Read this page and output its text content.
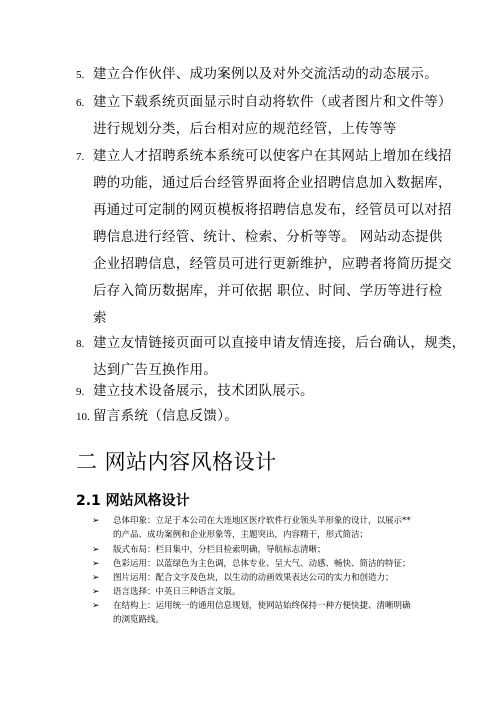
5. 建立合作伙伴、成功案例以及对外交流活动的动态展示。
6. 建立下载系统页面显示时自动将软件（或者图片和文件等）
进行规划分类，后台相对应的规范经管，上传等等
7. 建立人才招聘系统本系统可以使客户在其网站上增加在线招
聘的功能，通过后台经管界面将企业招聘信息加入数据库，
再通过可定制的网页模板将招聘信息发布，经管员可以对招
聘信息进行经管、统计、检索、分析等等。 网站动态提供
企业招聘信息，经管员可进行更新维护，应聘者将简历提交
后存入简历数据库，并可依据 职位、时间、学历等进行检
索
8. 建立友情链接页面可以直接申请友情连接，后台确认，规类，
达到广告互换作用。
9. 建立技术设备展示，技术团队展示。
10. 留言系统（信息反馈）。
二 网站内容风格设计
2.1 网站风格设计
➢ 总体印象：立足于本公司在大连地区医疗软件行业领头羊形象的设计，以展示**
的产品、成功案例和企业形象等，主题突出，内容精干，形式简洁；
➢ 版式布局：栏目集中，分栏目检索明确，导航标志清晰；
➢ 色彩运用：以蓝绿色为主色调，总体专业、呈大气、动感、畅快、简洁的特征；
➢ 图片运用：配合文字及色块，以生动的动画效果表达公司的实力和创造力；
➢ 语言选择：中英日三种语言文版。
➢ 在结构上：运用统一的通用信息规划，使网站始终保持一种方便快捷、清晰明确
的浏览路线。
